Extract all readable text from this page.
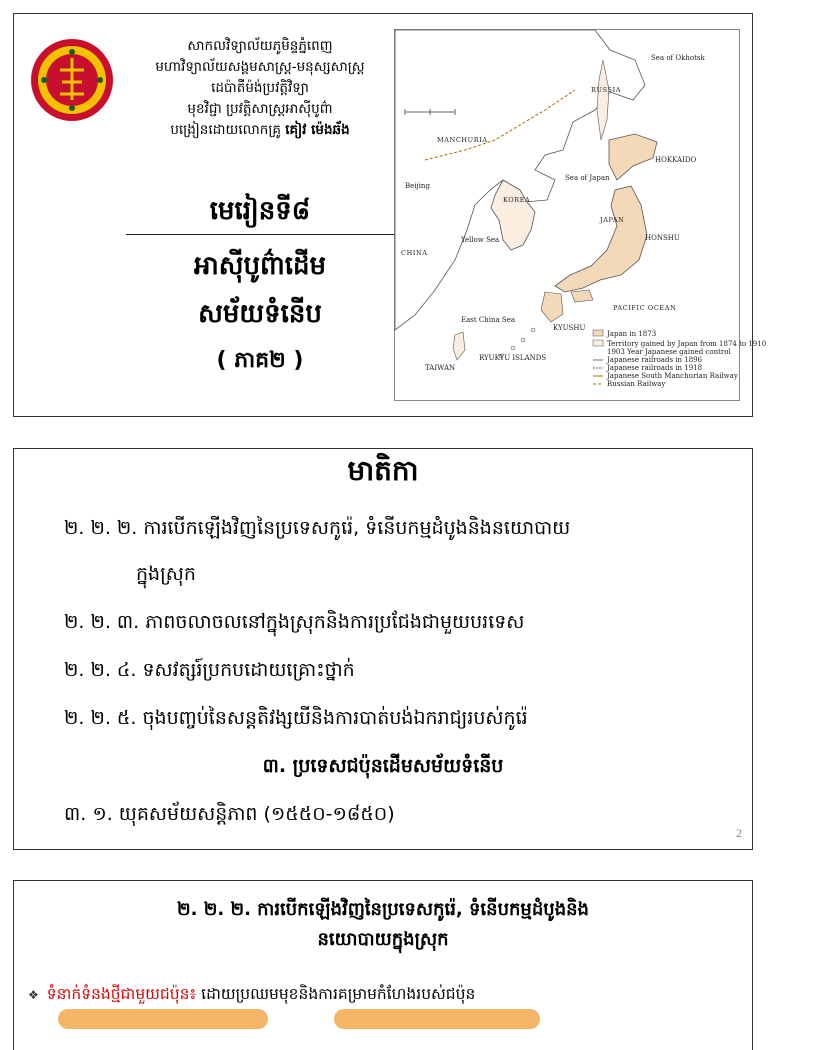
សាកលវិទ្យាល័យភូមិន្ទភ្នំពេញ
មហាវិទ្យាល័យសង្គមសាស្ត្រ-មនុស្សសាស្ត្រ
ដេប៉ាតឺម៉ង់ប្រវត្តិវិទ្យា
មុខវិជ្ជា ប្រវត្តិសាស្ត្រអាស៊ីបូព៌ា
បង្រៀនដោយលោកគ្រូ គៀវ ម៉េងឆ័ង
មេរៀនទី៨
អាស៊ីបូព៌ាដើម
សម័យទំនើប
( ភាគ២ )
RUSSIA
Sea of Okhotsk
MANCHURIA
Sea of Japan
KOREA
Yellow Sea
CHINA
JAPAN
East China Sea
PACIFIC OCEAN
TAIWAN
Beijing
HOKKAIDO
HONSHU
KYUSHU
RYUKYU ISLANDS
Japan in 1873
Territory gained by Japan from 1874 to 1910
1903 Year Japanese gained control
Japanese railroads in 1896
Japanese railroads in 1918
Japanese South Manchurian Railway
Russian Railway
មាតិកា
២. ២. ២. ការបើកឡើងវិញនៃប្រទេសកូរ៉េ, ទំនើបកម្មដំបូងនិងនយោបាយ
ក្នុងស្រុក
២. ២. ៣. ភាពចលាចលនៅក្នុងស្រុកនិងការប្រជែងជាមួយបរទេស
២. ២. ៤. ទសវត្សរ៍ប្រកបដោយគ្រោះថ្នាក់
២. ២. ៥. ចុងបញ្ចប់នៃសន្តតិវង្សយីនិងការបាត់បង់ឯករាជ្យរបស់កូរ៉េ
៣. ប្រទេសជប៉ុនដើមសម័យទំនើប
៣. ១. យុគសម័យសន្តិភាព (១៥៥០-១៨៥០)
2
២. ២. ២. ការបើកឡើងវិញនៃប្រទេសកូរ៉េ, ទំនើបកម្មដំបូងនិង
នយោបាយក្នុងស្រុក
❖ ទំនាក់ទំនងថ្មីជាមួយជប៉ុន៖ ដោយប្រឈមមុខនិងការគម្រាមកំហែងរបស់ជប៉ុន
